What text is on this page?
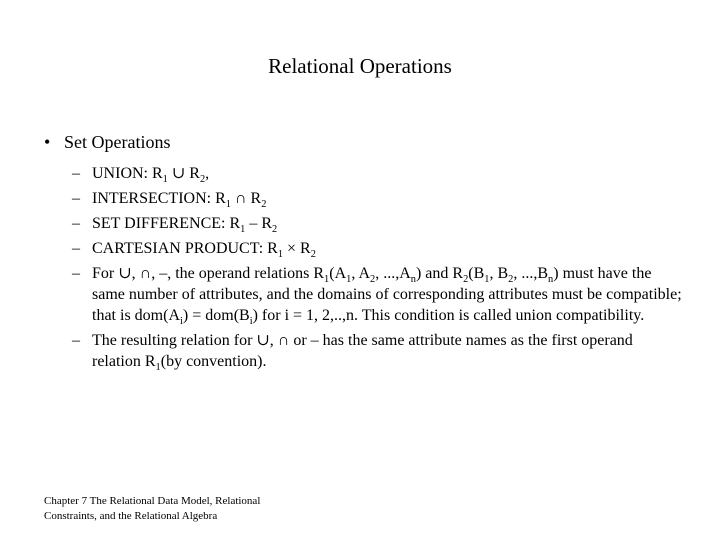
Relational Operations
• Set Operations
– UNION: $R_1$ ∪ $R_2$,
– INTERSECTION: $R_1$ ∩ $R_2$
– SET DIFFERENCE: $R_1 - R_2$
– CARTESIAN PRODUCT: $R_1 \times R_2$
– For ∪, ∩, –, the operand relations $R_1(A_1$, $A_2$, $...,A_n$) and $R_2(B_1$, $B_2$, $...,B_n$) must have the same number of attributes, and the domains of corresponding attributes must be compatible; that is $dom(A_i) = dom(B_i)$ for i = 1, 2,..,n. This condition is called union compatibility.
– The resulting relation for ∪, ∩ or – has the same attribute names as the first operand relation $R_1(by$ convention).
Chapter 7 The Relational Data Model, Relational Constraints, and the Relational Algebra
